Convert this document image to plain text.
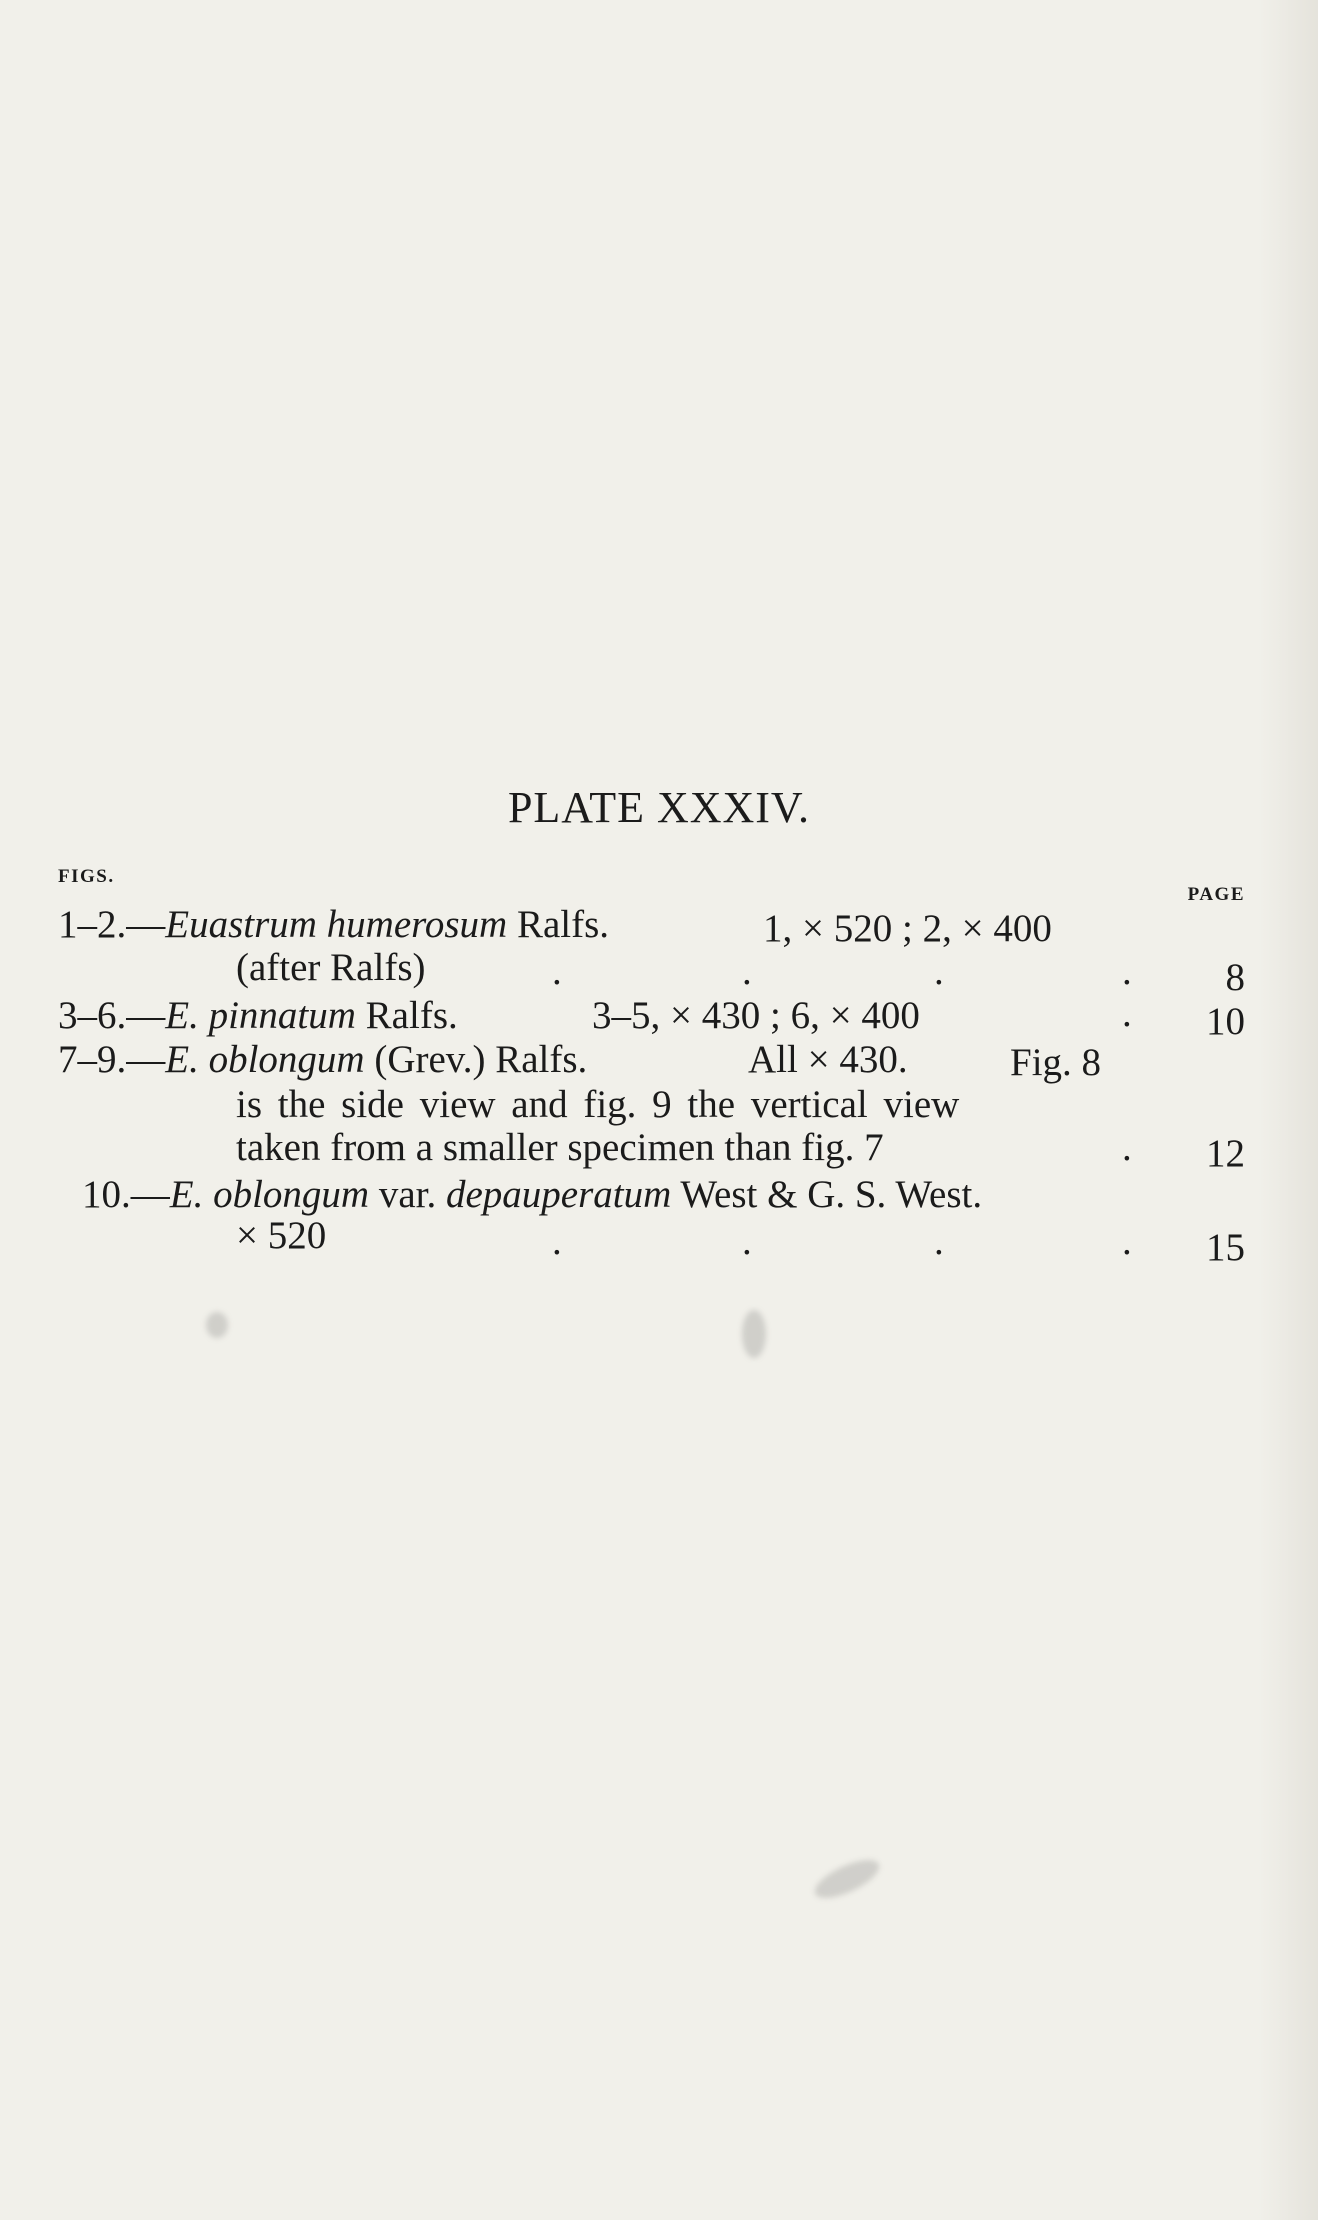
PLATE XXXIV.
FIGS.
PAGE
1–2.—Euastrum humerosum Ralfs.	1, × 520 ; 2, × 400
(after Ralfs)	.	.	.	. 8
3–6.—E. pinnatum Ralfs.	3–5, × 430 ; 6, × 400	. 10
7–9.—E. oblongum (Grev.) Ralfs.	All × 430.	Fig. 8
is the side view and fig. 9 the vertical view
taken from a smaller specimen than fig. 7	. 12
10.—E. oblongum var. depauperatum West & G. S. West.
× 520	.	.	.	. 15
